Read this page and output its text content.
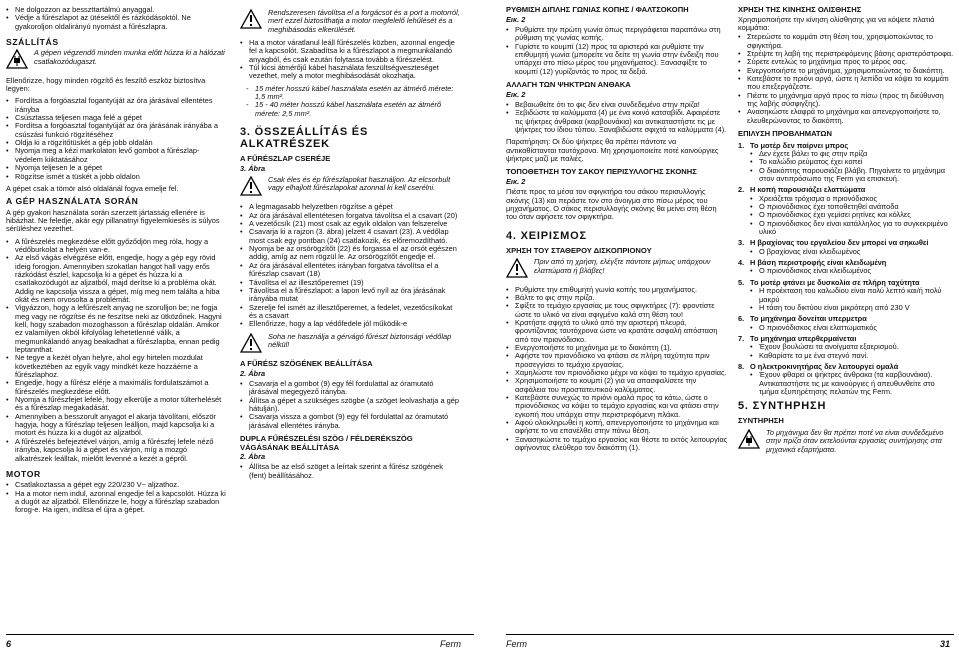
• Ne dolgozzon az besszttartálmú anyaggal.
• Védje a fűrészlapot az ütésektől és rázkódásoktól. Ne gyakoroljon oldalirányú nyomást a fűrészlapra.
SZÁLLÍTÁS
A gépen végzendő minden munka előtt húzza ki a hálózati csatlakozódugaszt.

Ellenőrizze, hogy minden rögzítő és feszítő eszköz biztosítva legyen:

• Fordítsa a forgóasztal fogantyúját az óra járásával ellentétes irányba
• Csúsztassa teljesen maga felé a gépet
• Fordítsa a forgóasztal fogantyúját az óra járásának irányába a csúszási funkció rögzítéséhez
• Oldja ki a rögzítőtüskét a gép jobb oldalán
• Nyomja meg a kézi markolaton levő gombot a fűrészlap-védelem kiiktatásához
• Nyomja teljesen le a gépet
• Rögzítse ismét a tüskét a jobb oldalon

A gépet csak a tömör alsó oldalánál fogva emelje fel.

A GÉP HASZNÁLATA SORÁN

A gép gyakori használata során szerzett jártasság ellenére is hibázhat. Ne feledje, akár egy pillanatnyi figyelemkiesés is súlyos sérüléshez vezethet.

• A fűrészelés megkezdése előtt győződjön meg róla, hogy a védőburkolat a helyén van-e.
• Az első vágás elvégzése előtt, engedje, hogy a gép egy rövid ideig forogjon. Amennyiben szokatlan hangot hall vagy erős rázkódást észlel, kapcsolja ki a gépet és húzza ki a csatlakozódugót az aljzatból, majd derítse ki a probléma okát. Addig ne kapcsolja vissza a gépet, míg meg nem találta a hiba okát és nem orvosolta a problémát.
• Vigyázzon, hogy a lefűrészelt anyag ne szorulljon be; ne fogja meg vagy ne rögzítse és ne feszítse neki az ütközőnek. Hagyni kell, hogy szabadon mozoghasson a fűrészlap oldalán. Amikor ez valamilyen okból kifolyólag lehetetlenné válik, a megmunkálandó anyag beakadhat a fűrészlapba, ennan pedig leptannthat.
• Ne tegye a kezét olyan helyre, ahol egy hirtelen mozdulat következtében az egyik vagy mindkét keze hozzáérne a fűrészlaphoz.
• Engedje, hogy a fűrész elérje a maximális fordulatszámot a fűrészelés megkezdése előtt.
• Nyomja a fűrészfejet lefelé, hogy elkerülje a motor túlterhelését és a fűrészlap megakadását.
• Amennyiben a besszorult anyagot el akarja távolítani, először hagyja, hogy a fűrészlap teljesen leálljon, majd kapcsolja ki a motort és húzza ki a dugót az aljzatból.
• A fűrészelés befejeztével várjon, amíg a fűrészfej lefele néző irányba, kapcsolja ki a gépet és várjon, míg a mozgó alkatrészek leálltak, mielőtt levenné a kezét a gépről.
MOTOR
• Csatlakoztassa a gépet egy 220/230 V~ aljzathoz.
• Ha a motor nem indul, azonnal engedje fel a kapcsolót. Húzza ki a dugót az aljzatból. Ellenőrizze le, hogy a fűrészlap szabadon forog-e. Ha igen, indítsa el újra a gépet.
Rendszeresen távolítsa el a forgácsot és a port a motorról, mert ezzel biztosíthatja a motor megfelelő lehűlését és a meghibásodás elkerülését.
• Ha a motor váratlanul leáll fűrészelés közben, azonnal engedje fel a kapcsolót. Szabadítsa ki a fűrészlapot a megmunkálandó anyagból, és csak ezután folytassa tovább a fűrészelést.
• Túl kicsi átmérőjű kábel használata feszültségveszteséget vezethet, mely a motor meghibásodását okozhatja.
- 15 méter hosszú kábel használata esetén az átmérő mérete: 1,5 mm².
- 15 - 40 méter hosszú kábel használata esetén az átmérő mérete: 2,5 mm².
3. ÖSSZEÁLLÍTÁS ÉS ALKATRÉSZEK
A FŰRÉSZLAP CSERÉJE
3. Ábra
Csak éles és ép fűrészlapokat használjon. Az elcsorbult vagy elhajlott fűrészlapokat azonnal ki kell cserélni.
• A legmagasabb helyzetben rögzítse a gépet
• Az óra járásával ellentétesen forgatva távolítsa el a csavart (20)
• A vezetőcsík (21) most csak az egyik oldalon van felszerelve
• Csavarja ki a rajzon (3. ábra) jelzett 4 csavart (23). A védőlap most csak egy pontban (24) csatlakozik, és előremozdítható.
• Nyomja be az orsórögzítőt (22) és forgassa el az orsót egészen addig, amíg az nem rögzül le. Az orsórögzítőt engedje el.
• Az óra járásával ellentétes irányban forgatva távolítsa el a fűrészlap csavart (18)
• Távolítsa el az illesztőperemet (19)
• Távolítsa el a fűrészlapot: a lapon levő nyíl az óra járásának irányába mutat
• Szerelje fel ismét az illesztőperemet, a fedelet, vezetőcsíkokat és a csavart
• Ellenőrizze, hogy a lap védőfedele jól működik-e
Soha ne használja a gérvágó fűrészt biztonsági védőlap nélkül!
A FŰRÉSZ SZÖGÉNEK BEÁLLÍTÁSA
2. Ábra
• Csavarja el a gombot (9) egy fél fordulattal az óramutató járásával megegyező irányba.
• Állítsa a gépet a szükséges szögbe (a szöget leolvashatja a gép hátulján).
• Csavarja vissza a gombot (9) egy fél fordulattal az óramutató járásával ellentétes irányba.
DUPLA FŰRÉSZELÉSI SZÖG / FÉLDERÉKSZÖG VÁGÁSÁNAK BEÁLLÍTÁSA
2. Ábra
• Állítsa be az első szöget a leírtak szerint a fűrész szögének (fent) beállításához.
ΡΥΘΜΙΣΗ ΔΙΠΛΗΣ ΓΩΝΙΑΣ ΚΟΠΗΣ / ΦΑΛΤΣΟΚΟΠΗ
Εικ. 2
• Ρυθμίστε την πρώτη γωνία όπως περιγράφεται παραπάνω στη ρύθμιση της γωνίας κοπής.
• Γυρίστε το κουμπί (12) προς τα αριστερά και ρυθμίστε την επιθυμητή γωνία (μπορείτε να δείτε τη γωνία στην ένδειξη που υπάρχει στο πίσω μέρος του μηχανήματος). Ξανασφίξτε το κουμπί (12) γυρίζοντάς το προς τα δεξιά.
ΑΛΛΑΓΗ ΤΩΝ ΨΗΚΤΡΩΝ ΑΝΘΑΚΑ
Εικ. 2
• Βεβαιωθείτε ότι το φις δεν είναι συνδεδεμένο στην πρίζα!
• Ξεβιδώστε τα καλύμματα (4) με ένα κοινό κατσαβίδι. Αφαιρέστε τις ψήκτρες άνθρακα (καρβουνάκια) και αντικαταστήστε τις με ψήκτρες του ίδιου τύπου. Ξαναβιδώστε σφιχτά τα καλύμματα (4).

Παρατήρηση: Οι δύο ψήκτρες θα πρέπει πάντοτε να αντικαθίστανται ταυτόχρονα. Μη χρησιμοποιείτε ποτέ καινούργιες ψήκτρες μαζί με παλιές.

ΤΟΠΟΘΕΤΗΣΗ ΤΟΥ ΣΑΚΟΥ ΠΕΡΙΣΥΛΛΟΓΗΣ ΣΚΟΝΗΣ
Εικ. 2

Πιέστε προς τα μέσα τον σφιγκτήρα του σάκου περισυλλογής σκόνης (13) και περάστε τον στο άνοιγμα στο πίσω μέρος του μηχανήματος. Ο σάκος περισυλλογής σκόνης θα μείνει στη θέση του όταν αφήσετε τον σφιγκτήρα.

4. ΧΕΙΡΙΣΜΟΣ
ΧΡΗΣΗ ΤΟΥ ΣΤΑΘΕΡΟΥ ΔΙΣΚΟΠΡΙΟΝΟΥ
Πριν από τη χρήση, ελέγξτε πάντοτε μήπως υπάρχουν ελαττώματα ή βλάβες!
• Ρυθμίστε την επιθυμητή γωνία κοπής του μηχανήματος.
• Βάλτε το φις στην πρίζα.
• Σφίξτε το τεμάχιο εργασίας με τους σφιγκτήρες (7): φροντίστε ώστε το υλικό να είναι σφιγμένο καλά στη θέση του!
• Κρατήστε σφιχτά το υλικό από την αριστερή πλευρά, φροντίζοντας ταυτόχρονα ώστε να κρατάτε ασφαλή απόσταση από τον πριονόδισκο.
• Ενεργοποιήστε το μηχάνημα με το διακόπτη (1).
• Αφήστε τον πριονόδισκο να φτάσει σε πλήρη ταχύτητα πριν προσεγγίσει το τεμάχιο εργασίας.
• Χαμηλώστε τον πριονόδισκο μέχρι να κόψει το τεμάχιο εργασίας.
• Χρησιμοποιήστε το κουμπί (2) για να απασφαλίσετε την ασφάλεια του προστατευτικού καλύμματος.
• Κατεβάστε συνεχώς το πριόνι ομαλά προς τα κάτω, ώστε ο πριονόδισκος να κόψει το τεμάχιο εργασίας και να φτάσει στην εγκοπή που υπάρχει στην περιστρεφόμενη πλάκα.
• Αφού ολοκληρωθεί η κοπή, απενεργοποιήστε το μηχάνημα και αφήστε το να επανέλθει στην πάνω θέση.
• Ξανασηκώστε το τεμάχιο εργασίας και θέστε το εκτός λειτουργίας αφήνοντας ελεύθερο τον διακόπτη (1).
ΧΡΗΣΗ ΤΗΣ ΚΙΝΗΣΗΣ ΟΛΙΣΘΗΣΗΣ

Χρησιμοποιήστε την κίνηση ολίσθησης για να κόψετε πλατιά κομμάτια:

• Στερεώστε το κομμάτι στη θέση του, χρησιμοποιώντας το σφιγκτήρα.
• Στρέψτε τη λαβή της περιστρεφόμενης βάσης αριστερόστροφα.
• Σύρετε εντελώς το μηχάνημα προς το μέρος σας.
• Ενεργοποιήστε το μηχάνημα, χρησιμοποιώντας το διακόπτη.
• Κατεβάστε το πριόνι αργά, ώστε η λεπίδα να κόψει το κομμάτι που επεξεργάζεστε.
• Πιέστε το μηχάνημα αργά προς τα πίσω (προς τη διεύθυνση της λαβής σύσφιγξης).
• Ανασηκώστε ελαφρά το μηχάνημα και απενεργοποιήστε το, ελευθερώνοντας το διακόπτη.
ΕΠΙΛΥΣΗ ΠΡΟΒΛΗΜΑΤΩΝ
1. Το μοτέρ δεν παίρνει μπρος
• Δεν έχετε βάλει το φις στην πρίζα
• Το καλώδιο ρεύματος έχει κοπεί
• Ο διακόπτης παρουσιάζει βλάβη. Πηγαίνετε το μηχάνημα στον αντιπρόσωπο της Ferm για επισκευή.
2. Η κοπή παρουσιάζει ελαττώματα
• Χρειάζεται τρόχισμα ο πριονόδισκος
• Ο πριονόδισκος έχει τοποθετηθεί ανάποδα
• Ο πριονόδισκος έχει γεμίσει ρητίνες και κόλλες
• Ο πριονόδισκος δεν είναι κατάλληλος για το συγκεκριμένο υλικό
3. Η βραχίονας του εργαλείου δεν μπορεί να σηκωθεί
• Ο βραχίονας είναι κλειδωμένος
4. Η βάση περιστροφής είναι κλειδωμένη
• Ο πριονόδισκος είναι κλειδωμένος
5. Το μοτέρ φτάνει με δυσκολία σε πλήρη ταχύτητα
• Η προέκταση του καλωδίου είναι πολύ λεπτό και/ή πολύ μακρύ
• Η τάση του δικτύου είναι μικρότερη από 230 V
6. Το μηχάνημα δονείται υπερμετρα
• Ο πριονόδισκος είναι ελαττωματικός
7. Το μηχάνημα υπερθερμαίνεται
• Έχουν βουλώσει τα ανοίγματα εξαερισμού.
• Καθαρίστε τα με ένα στεγνό πανί.
8. Ο ηλεκτροκινητήρας δεν λειτουργεί ομαλά
• Έχουν φθαρεί οι ψήκτρες άνθρακα (τα καρβουνάκια). Αντικαταστήστε τις με καινούργιες ή απευθυνθείτε στο τμήμα εξυπηρέτησης πελατών της Ferm.
5. ΣΥΝΤΗΡΗΣΗ
ΣΥΝΤΗΡΗΣΗ
Το μηχάνημα δεν θα πρέπει ποτέ να είναι συνδεδεμένο στην πρίζα όταν εκτελούνται εργασίες συντήρησης στα μηχανικά εξαρτήματα.
6	Ferm	Ferm	31
